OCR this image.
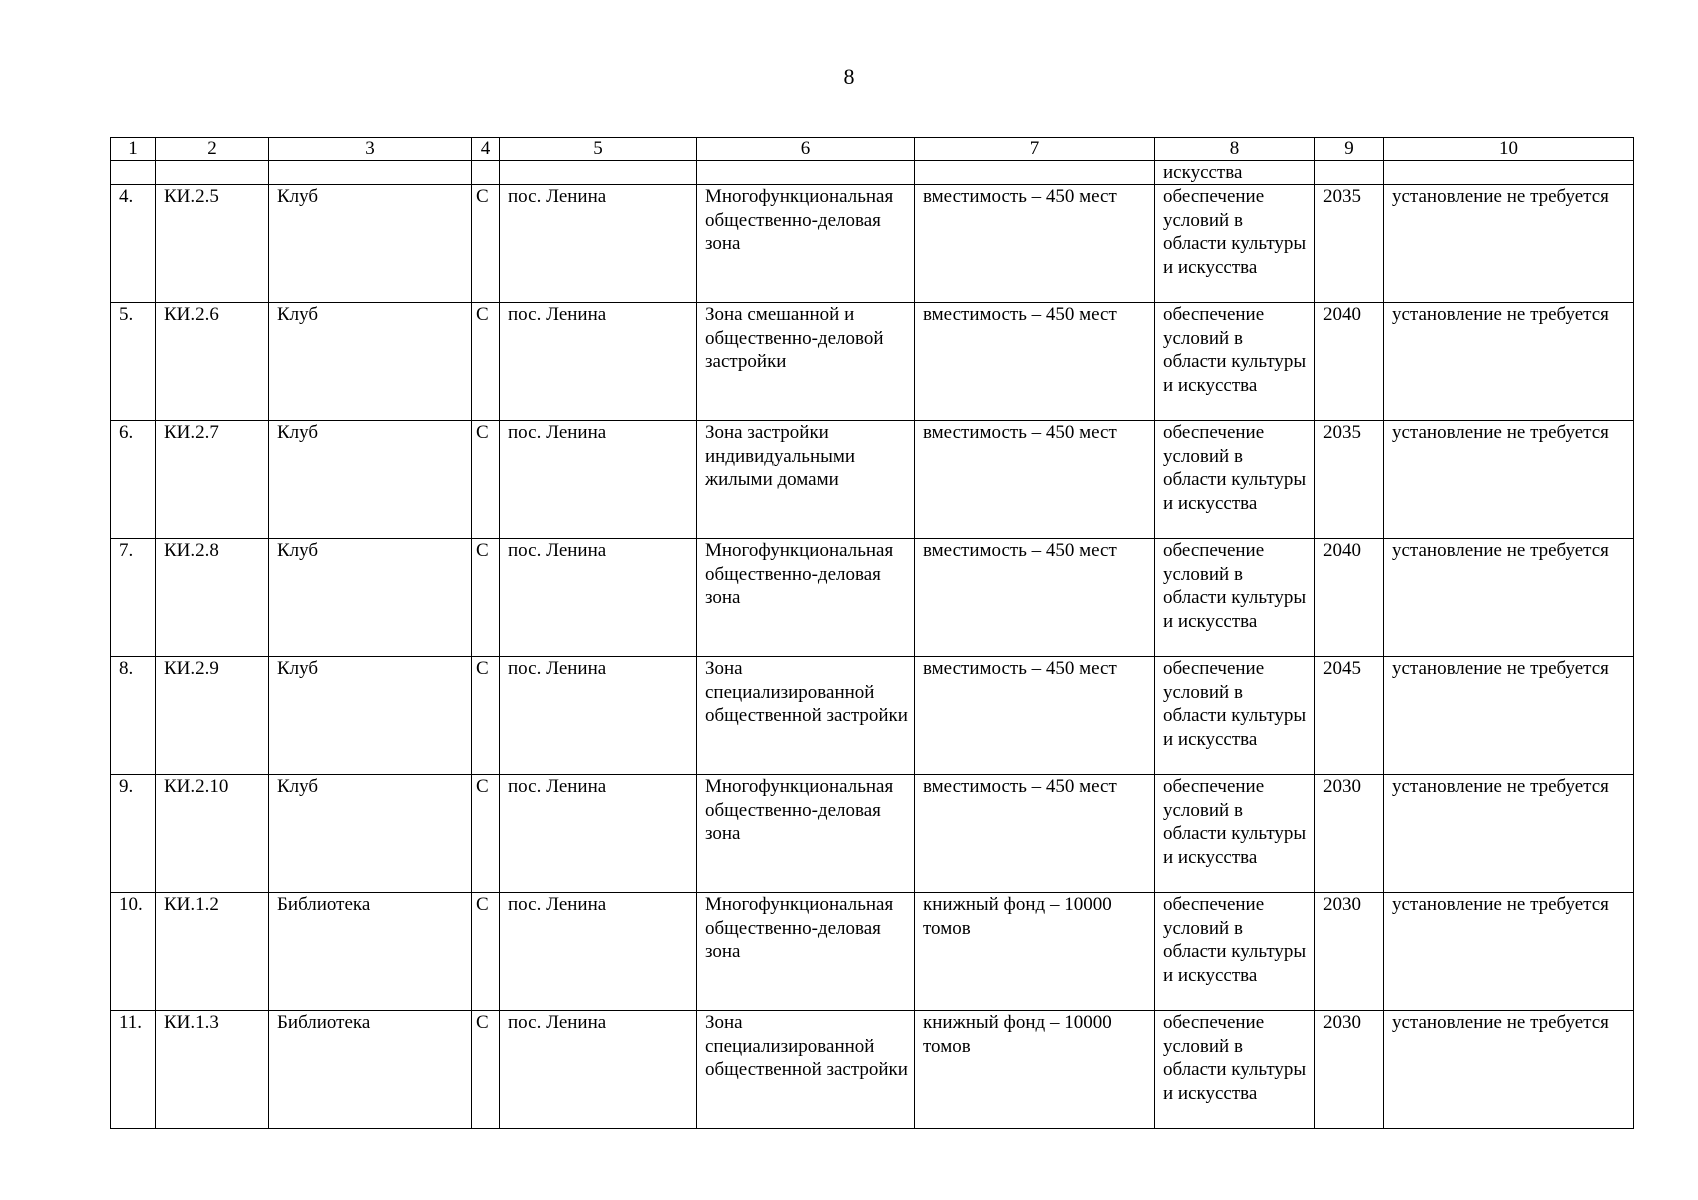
8
1	2	3	4	5	6	7	8	9	10
							искусства		
4.	КИ.2.5	Клуб	С	пос. Ленина	Многофункциональная общественно-деловая зона	вместимость – 450 мест	обеспечение условий в области культуры и искусства	2035	установление не требуется
5.	КИ.2.6	Клуб	С	пос. Ленина	Зона смешанной и общественно-деловой застройки	вместимость – 450 мест	обеспечение условий в области культуры и искусства	2040	установление не требуется
6.	КИ.2.7	Клуб	С	пос. Ленина	Зона застройки индивидуальными жилыми домами	вместимость – 450 мест	обеспечение условий в области культуры и искусства	2035	установление не требуется
7.	КИ.2.8	Клуб	С	пос. Ленина	Многофункциональная общественно-деловая зона	вместимость – 450 мест	обеспечение условий в области культуры и искусства	2040	установление не требуется
8.	КИ.2.9	Клуб	С	пос. Ленина	Зона специализированной общественной застройки	вместимость – 450 мест	обеспечение условий в области культуры и искусства	2045	установление не требуется
9.	КИ.2.10	Клуб	С	пос. Ленина	Многофункциональная общественно-деловая зона	вместимость – 450 мест	обеспечение условий в области культуры и искусства	2030	установление не требуется
10.	КИ.1.2	Библиотека	С	пос. Ленина	Многофункциональная общественно-деловая зона	книжный фонд – 10000 томов	обеспечение условий в области культуры и искусства	2030	установление не требуется
11.	КИ.1.3	Библиотека	С	пос. Ленина	Зона специализированной общественной застройки	книжный фонд – 10000 томов	обеспечение условий в области культуры и искусства	2030	установление не требуется
